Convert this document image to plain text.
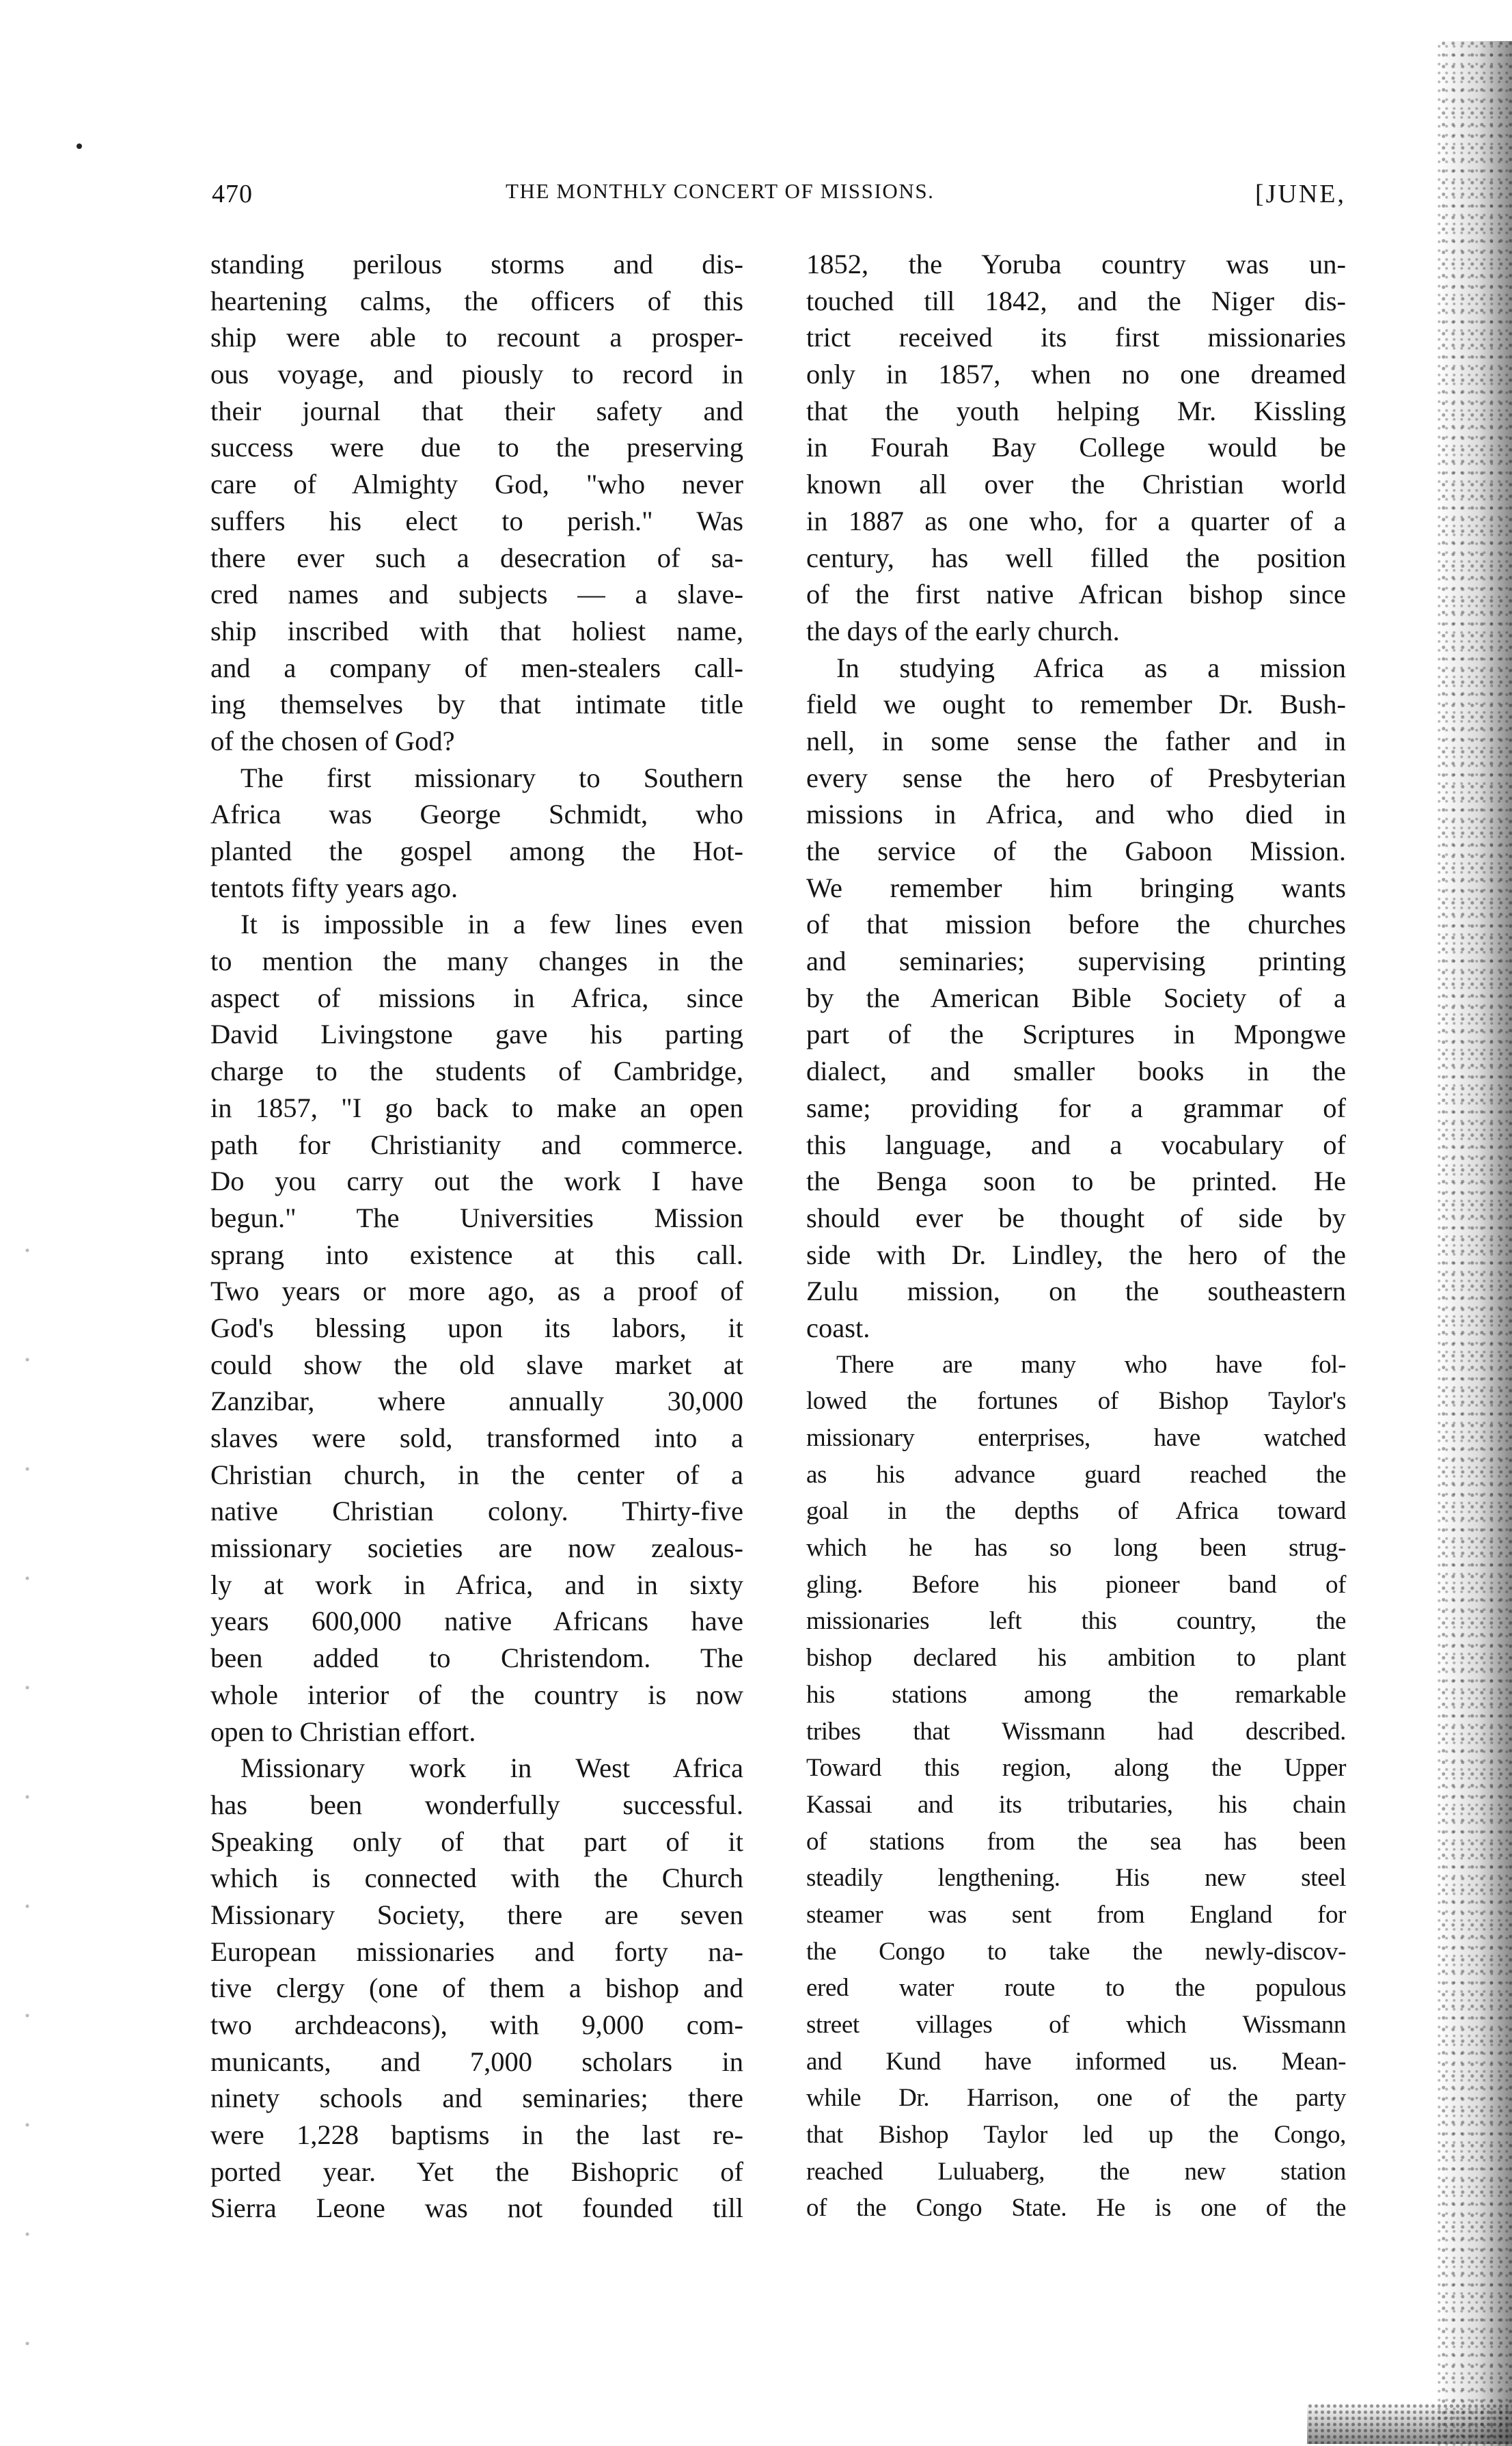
470	THE MONTHLY CONCERT OF MISSIONS.	[JUNE,
standing perilous storms and dis-
heartening calms, the officers of this
ship were able to recount a prosper-
ous voyage, and piously to record in
their journal that their safety and
success were due to the preserving
care of Almighty God, "who never
suffers his elect to perish." Was
there ever such a desecration of sa-
cred names and subjects — a slave-
ship inscribed with that holiest name,
and a company of men-stealers call-
ing themselves by that intimate title
of the chosen of God?
The first missionary to Southern
Africa was George Schmidt, who
planted the gospel among the Hot-
tentots fifty years ago.
It is impossible in a few lines even
to mention the many changes in the
aspect of missions in Africa, since
David Livingstone gave his parting
charge to the students of Cambridge,
in 1857, "I go back to make an open
path for Christianity and commerce.
Do you carry out the work I have
begun." The Universities Mission
sprang into existence at this call.
Two years or more ago, as a proof of
God's blessing upon its labors, it
could show the old slave market at
Zanzibar, where annually 30,000
slaves were sold, transformed into a
Christian church, in the center of a
native Christian colony. Thirty-five
missionary societies are now zealous-
ly at work in Africa, and in sixty
years 600,000 native Africans have
been added to Christendom. The
whole interior of the country is now
open to Christian effort.
Missionary work in West Africa
has been wonderfully successful.
Speaking only of that part of it
which is connected with the Church
Missionary Society, there are seven
European missionaries and forty na-
tive clergy (one of them a bishop and
two archdeacons), with 9,000 com-
municants, and 7,000 scholars in
ninety schools and seminaries; there
were 1,228 baptisms in the last re-
ported year. Yet the Bishopric of
Sierra Leone was not founded till
1852, the Yoruba country was un-
touched till 1842, and the Niger dis-
trict received its first missionaries
only in 1857, when no one dreamed
that the youth helping Mr. Kissling
in Fourah Bay College would be
known all over the Christian world
in 1887 as one who, for a quarter of a
century, has well filled the position
of the first native African bishop since
the days of the early church.
In studying Africa as a mission
field we ought to remember Dr. Bush-
nell, in some sense the father and in
every sense the hero of Presbyterian
missions in Africa, and who died in
the service of the Gaboon Mission.
We remember him bringing wants
of that mission before the churches
and seminaries; supervising printing
by the American Bible Society of a
part of the Scriptures in Mpongwe
dialect, and smaller books in the
same; providing for a grammar of
this language, and a vocabulary of
the Benga soon to be printed. He
should ever be thought of side by
side with Dr. Lindley, the hero of the
Zulu mission, on the southeastern
coast.
There are many who have fol-
lowed the fortunes of Bishop Taylor's
missionary enterprises, have watched
as his advance guard reached the
goal in the depths of Africa toward
which he has so long been strug-
gling. Before his pioneer band of
missionaries left this country, the
bishop declared his ambition to plant
his stations among the remarkable
tribes that Wissmann had described.
Toward this region, along the Upper
Kassai and its tributaries, his chain
of stations from the sea has been
steadily lengthening. His new steel
steamer was sent from England for
the Congo to take the newly-discov-
ered water route to the populous
street villages of which Wissmann
and Kund have informed us. Mean-
while Dr. Harrison, one of the party
that Bishop Taylor led up the Congo,
reached Luluaberg, the new station
of the Congo State. He is one of the
